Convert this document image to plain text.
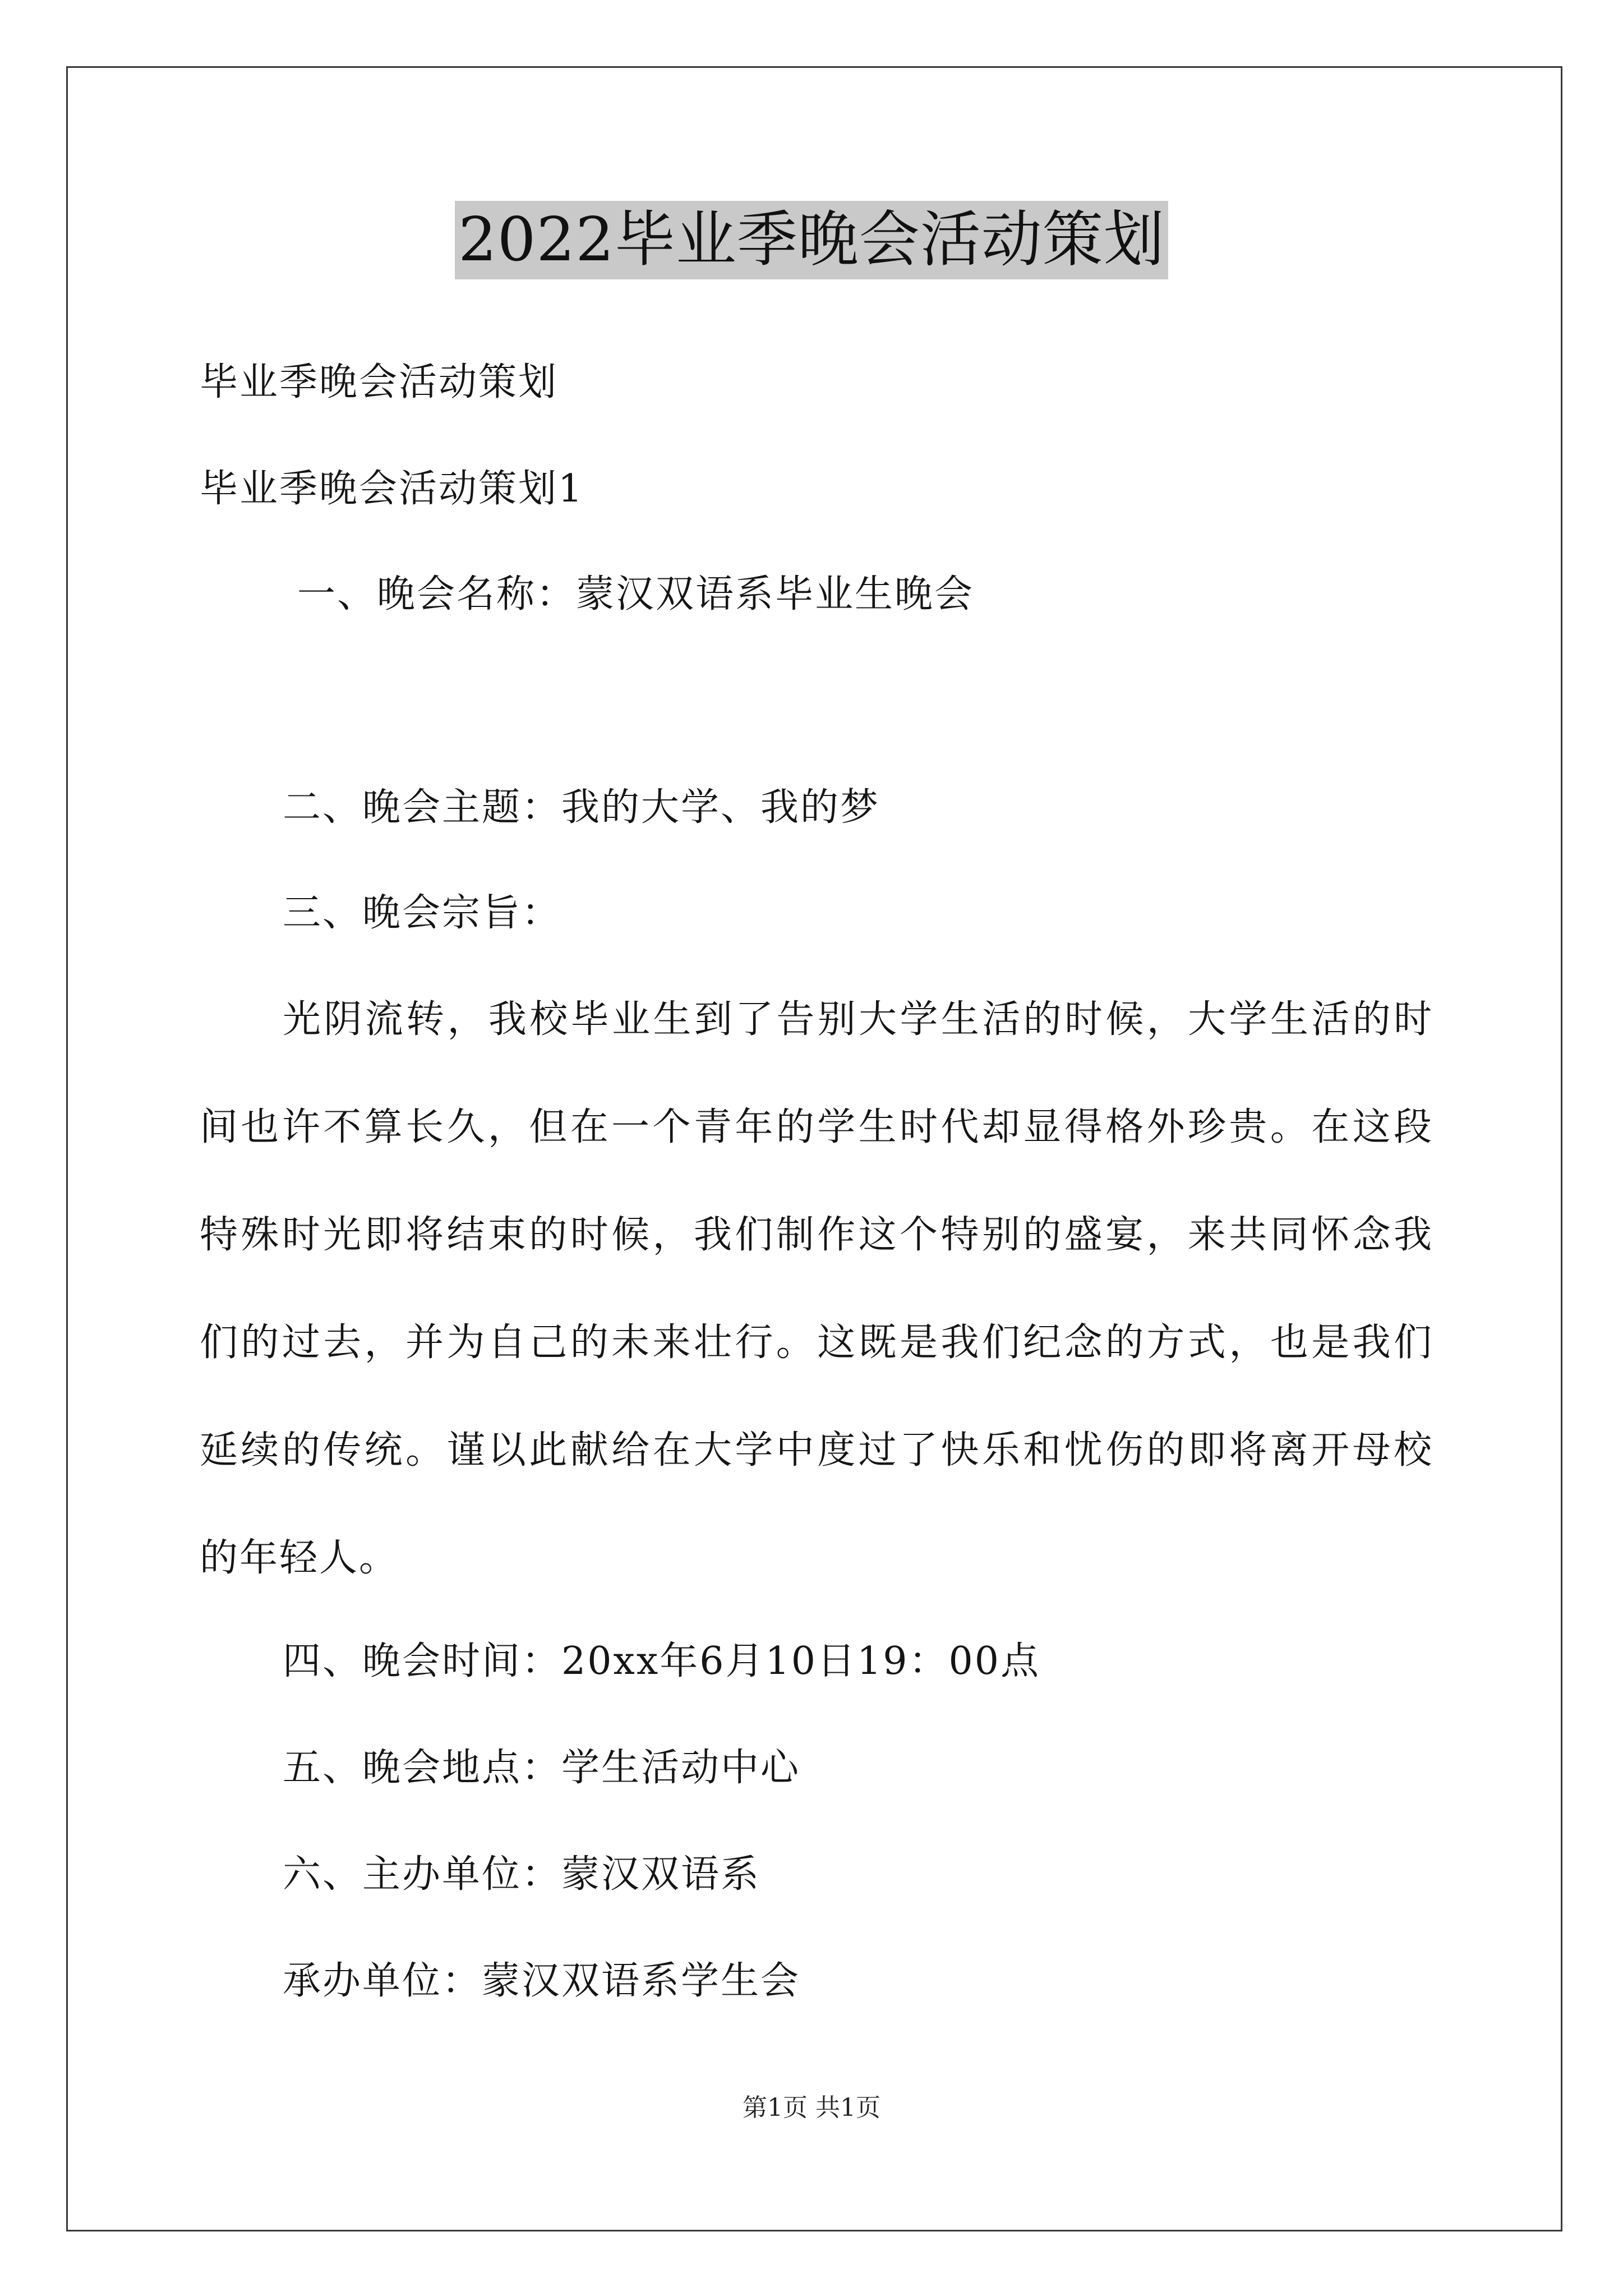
2022毕业季晚会活动策划
毕业季晚会活动策划
毕业季晚会活动策划1
一、晚会名称：蒙汉双语系毕业生晚会
二、晚会主题：我的大学、我的梦
三、晚会宗旨：
光阴流转，我校毕业生到了告别大学生活的时候，大学生活的时间也许不算长久，但在一个青年的学生时代却显得格外珍贵。在这段特殊时光即将结束的时候，我们制作这个特别的盛宴，来共同怀念我们的过去，并为自己的未来壮行。这既是我们纪念的方式，也是我们延续的传统。谨以此献给在大学中度过了快乐和忧伤的即将离开母校的年轻人。
四、晚会时间：20xx年6月10日19：00点
五、晚会地点：学生活动中心
六、主办单位：蒙汉双语系
承办单位：蒙汉双语系学生会
第1页 共1页
